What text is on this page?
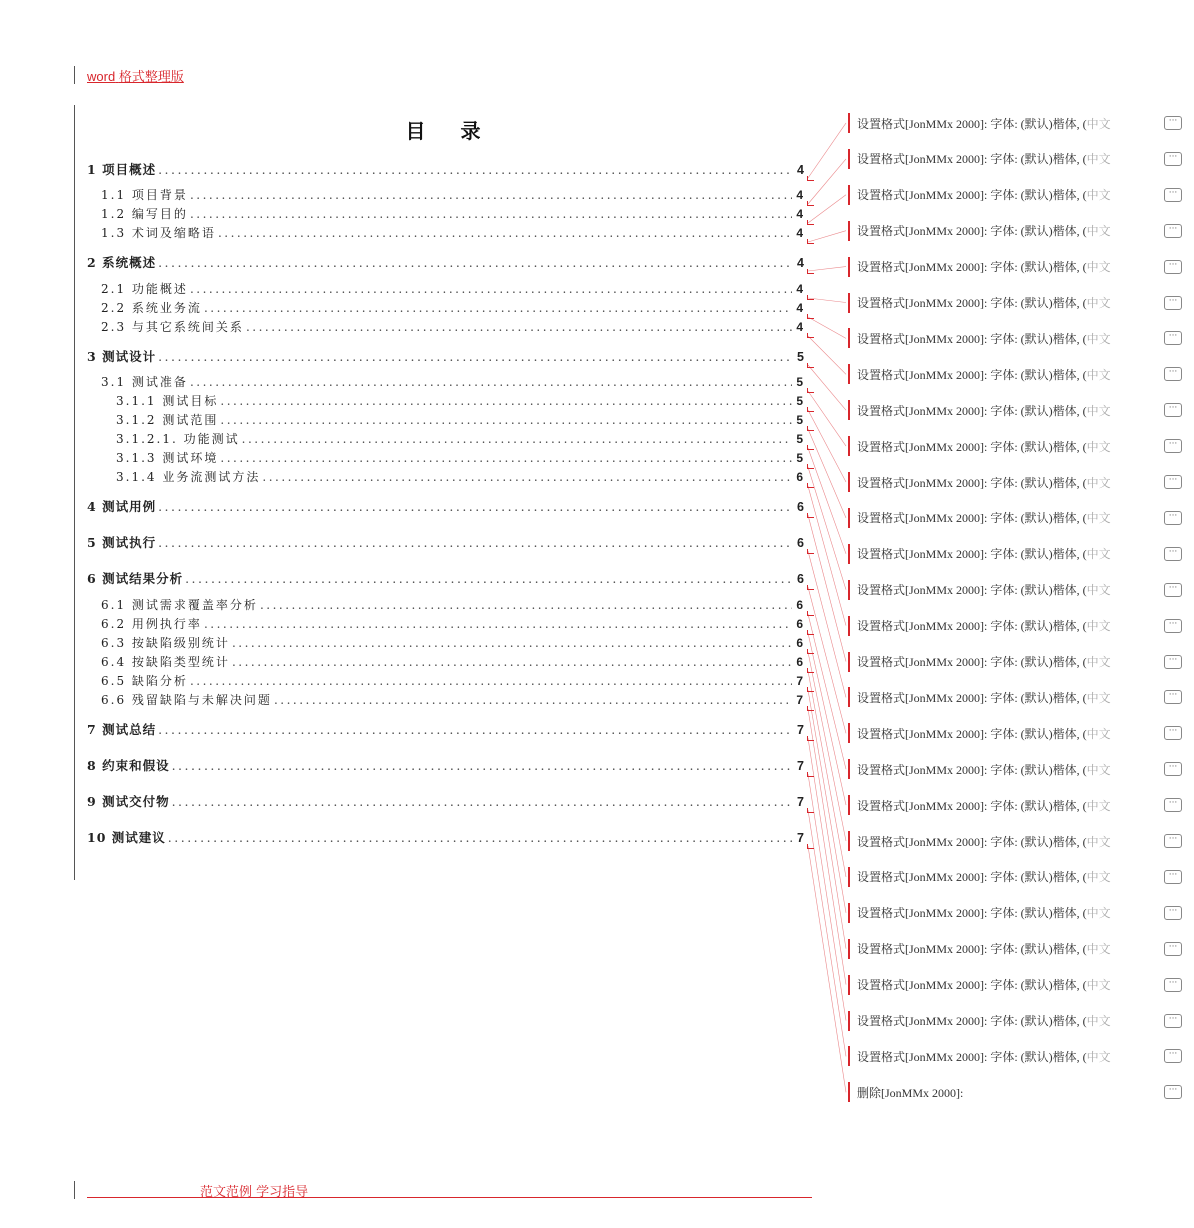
word 格式整理版
目 录
1 项目概述 .....	4
1.1 项目背景 .....	4
1.2 编写目的 .....	4
1.3 术词及缩略语 .....	4
2 系统概述 .....	4
2.1 功能概述 .....	4
2.2 系统业务流 .....	4
2.3 与其它系统间关系 .....	4
3 测试设计 .....	5
3.1 测试准备 .....	5
3.1.1 测试目标 .....	5
3.1.2 测试范围 .....	5
3.1.2.1. 功能测试 .....	5
3.1.3 测试环境 .....	5
3.1.4 业务流测试方法 .....	6
4 测试用例 .....	6
5 测试执行 .....	6
6 测试结果分析 .....	6
6.1 测试需求覆盖率分析 .....	6
6.2 用例执行率 .....	6
6.3 按缺陷级别统计 .....	6
6.4 按缺陷类型统计 .....	6
6.5 缺陷分析 .....	7
6.6 残留缺陷与未解决问题 .....	7
7 测试总结 .....	7
8 约束和假设 .....	7
9 测试交付物 .....	7
10 测试建议 .....	7
设置格式[JonMMx 2000]: 字体: (默认)楷体, (中文	···
设置格式[JonMMx 2000]: 字体: (默认)楷体, (中文	···
设置格式[JonMMx 2000]: 字体: (默认)楷体, (中文	···
设置格式[JonMMx 2000]: 字体: (默认)楷体, (中文	···
设置格式[JonMMx 2000]: 字体: (默认)楷体, (中文	···
设置格式[JonMMx 2000]: 字体: (默认)楷体, (中文	···
设置格式[JonMMx 2000]: 字体: (默认)楷体, (中文	···
设置格式[JonMMx 2000]: 字体: (默认)楷体, (中文	···
设置格式[JonMMx 2000]: 字体: (默认)楷体, (中文	···
设置格式[JonMMx 2000]: 字体: (默认)楷体, (中文	···
设置格式[JonMMx 2000]: 字体: (默认)楷体, (中文	···
设置格式[JonMMx 2000]: 字体: (默认)楷体, (中文	···
设置格式[JonMMx 2000]: 字体: (默认)楷体, (中文	···
设置格式[JonMMx 2000]: 字体: (默认)楷体, (中文	···
设置格式[JonMMx 2000]: 字体: (默认)楷体, (中文	···
设置格式[JonMMx 2000]: 字体: (默认)楷体, (中文	···
设置格式[JonMMx 2000]: 字体: (默认)楷体, (中文	···
设置格式[JonMMx 2000]: 字体: (默认)楷体, (中文	···
设置格式[JonMMx 2000]: 字体: (默认)楷体, (中文	···
设置格式[JonMMx 2000]: 字体: (默认)楷体, (中文	···
设置格式[JonMMx 2000]: 字体: (默认)楷体, (中文	···
设置格式[JonMMx 2000]: 字体: (默认)楷体, (中文	···
设置格式[JonMMx 2000]: 字体: (默认)楷体, (中文	···
设置格式[JonMMx 2000]: 字体: (默认)楷体, (中文	···
设置格式[JonMMx 2000]: 字体: (默认)楷体, (中文	···
设置格式[JonMMx 2000]: 字体: (默认)楷体, (中文	···
设置格式[JonMMx 2000]: 字体: (默认)楷体, (中文	···
删除[JonMMx 2000]:	···
范文范例 学习指导
